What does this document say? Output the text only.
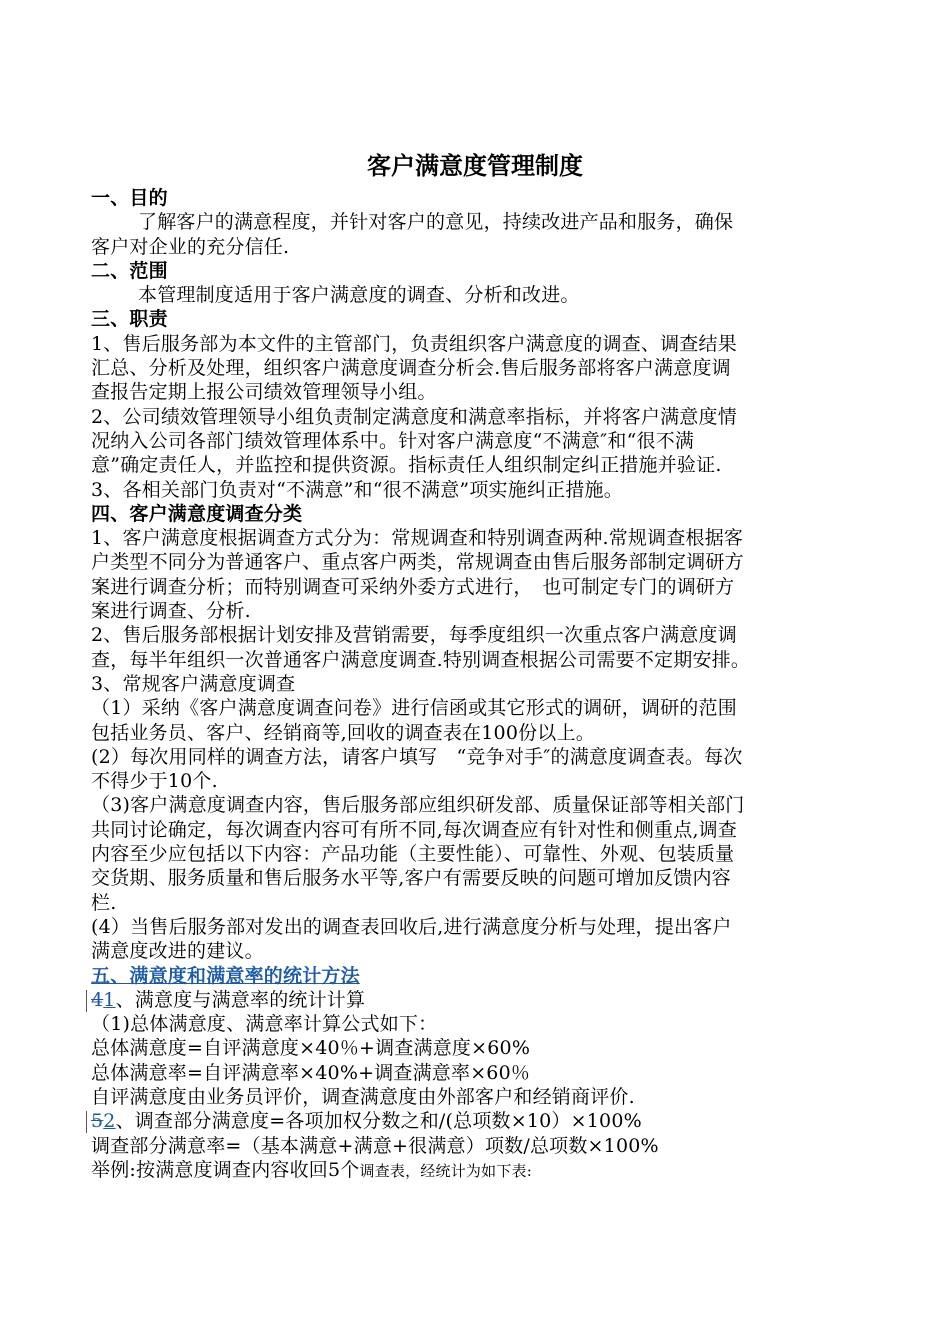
客户满意度管理制度
一、目的
了解客户的满意程度，并针对客户的意见，持续改进产品和服务，确保
客户对企业的充分信任.
二、范围
本管理制度适用于客户满意度的调查、分析和改进。
三、职责
1、售后服务部为本文件的主管部门，负责组织客户满意度的调查、调查结果
汇总、分析及处理，组织客户满意度调查分析会.售后服务部将客户满意度调
查报告定期上报公司绩效管理领导小组。
2、公司绩效管理领导小组负责制定满意度和满意率指标，并将客户满意度情
况纳入公司各部门绩效管理体系中。针对客户满意度“不满意″和“很不满
意”确定责任人，并监控和提供资源。指标责任人组织制定纠正措施并验证.
3、各相关部门负责对“不满意”和“很不满意”项实施纠正措施。
四、客户满意度调查分类
1、客户满意度根据调查方式分为：常规调查和特别调查两种.常规调查根据客
户类型不同分为普通客户、重点客户两类，常规调查由售后服务部制定调研方
案进行调查分析；而特别调查可采纳外委方式进行，　也可制定专门的调研方
案进行调查、分析.
2、售后服务部根据计划安排及营销需要，每季度组织一次重点客户满意度调
查，每半年组织一次普通客户满意度调查.特别调查根据公司需要不定期安排。
3、常规客户满意度调查
（1）采纳《客户满意度调查问卷》进行信函或其它形式的调研，调研的范围
包括业务员、客户、经销商等,回收的调查表在100份以上。
(2）每次用同样的调查方法，请客户填写　“竞争对手″的满意度调查表。每次
不得少于10个.
（3)客户满意度调查内容，售后服务部应组织研发部、质量保证部等相关部门
共同讨论确定，每次调查内容可有所不同,每次调查应有针对性和侧重点,调查
内容至少应包括以下内容：产品功能（主要性能）、可靠性、外观、包装质量
交货期、服务质量和售后服务水平等,客户有需要反映的问题可增加反馈内容
栏.
(4）当售后服务部对发出的调查表回收后,进行满意度分析与处理，提出客户
满意度改进的建议。
五、满意度和满意率的统计方法
41、满意度与满意率的统计计算
（1)总体满意度、满意率计算公式如下：
总体满意度=自评满意度×40％+调查满意度×60%
总体满意率=自评满意率×40%+调查满意率×60％
自评满意度由业务员评价，调查满意度由外部客户和经销商评价.
52、调查部分满意度=各项加权分数之和/(总项数×10）×100%
调查部分满意率=（基本满意+满意+很满意）项数/总项数×100%
举例:按满意度调查内容收回5个调查表，经统计为如下表:
